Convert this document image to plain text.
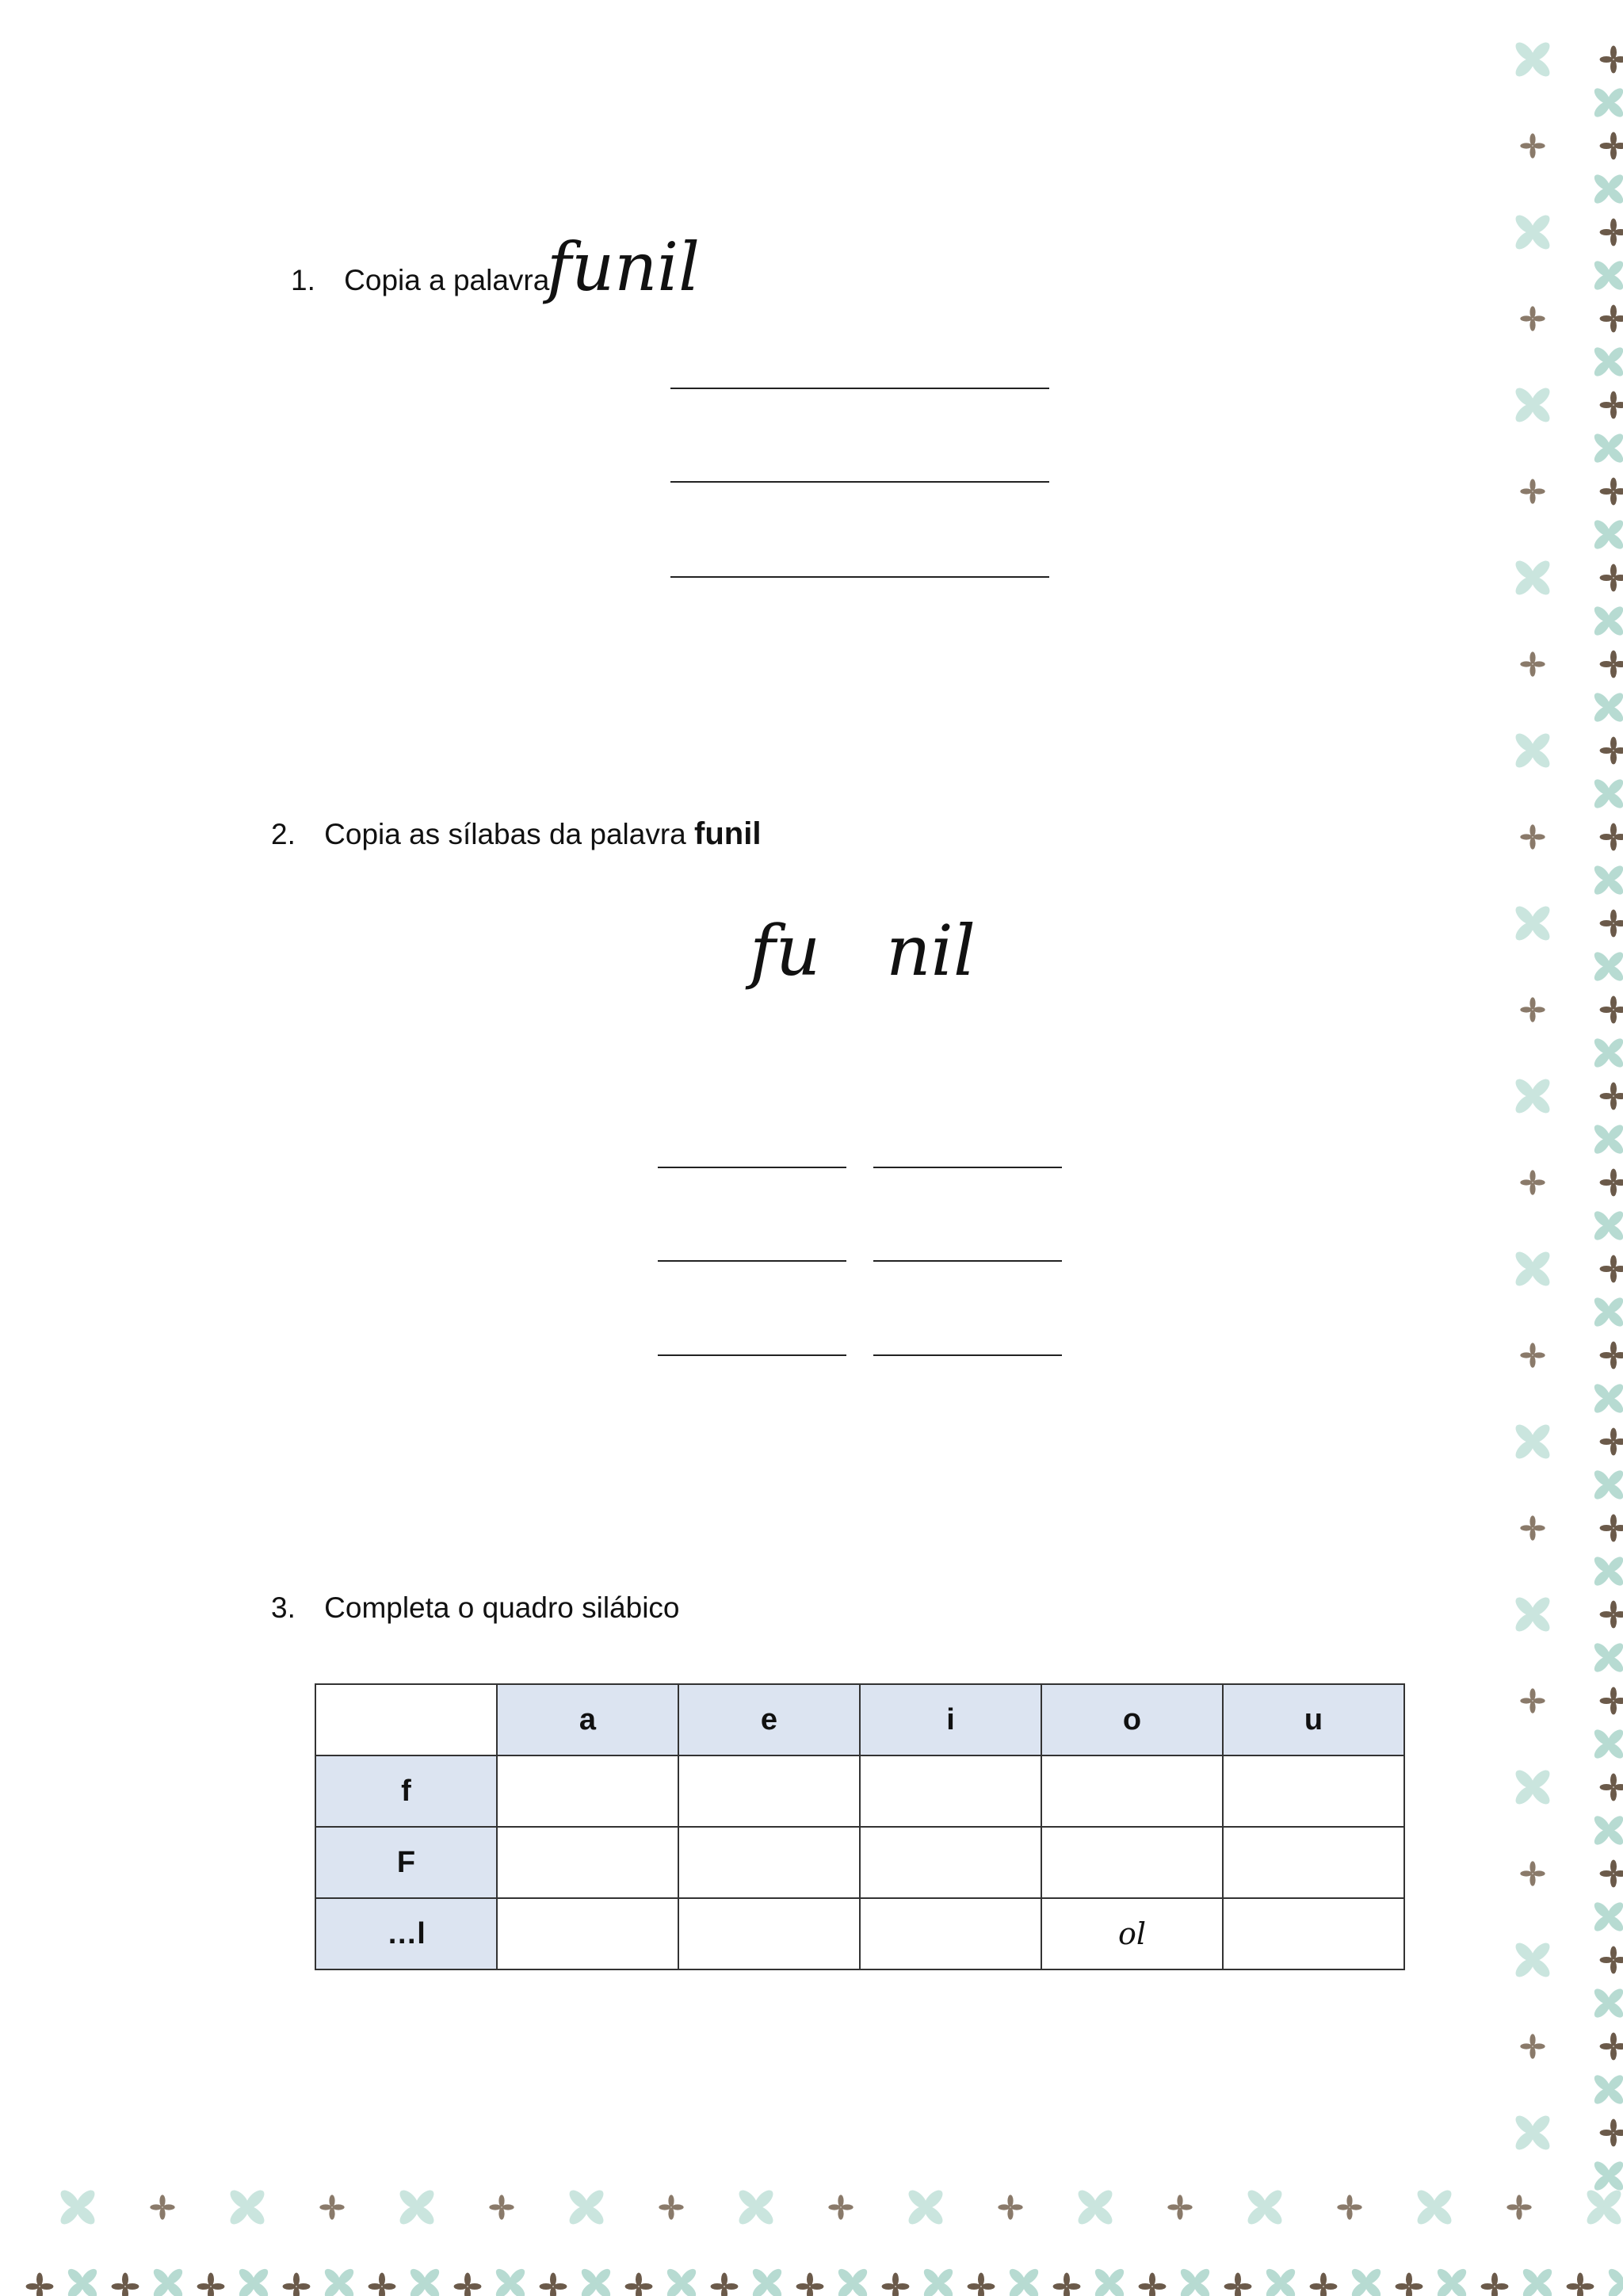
1. Copia a palavra
funil
2. Copia as sílabas da palavra funil
fu nil
3. Completa o quadro silábico
	a	e	i	o	u
f					
F					
…l				ol	
